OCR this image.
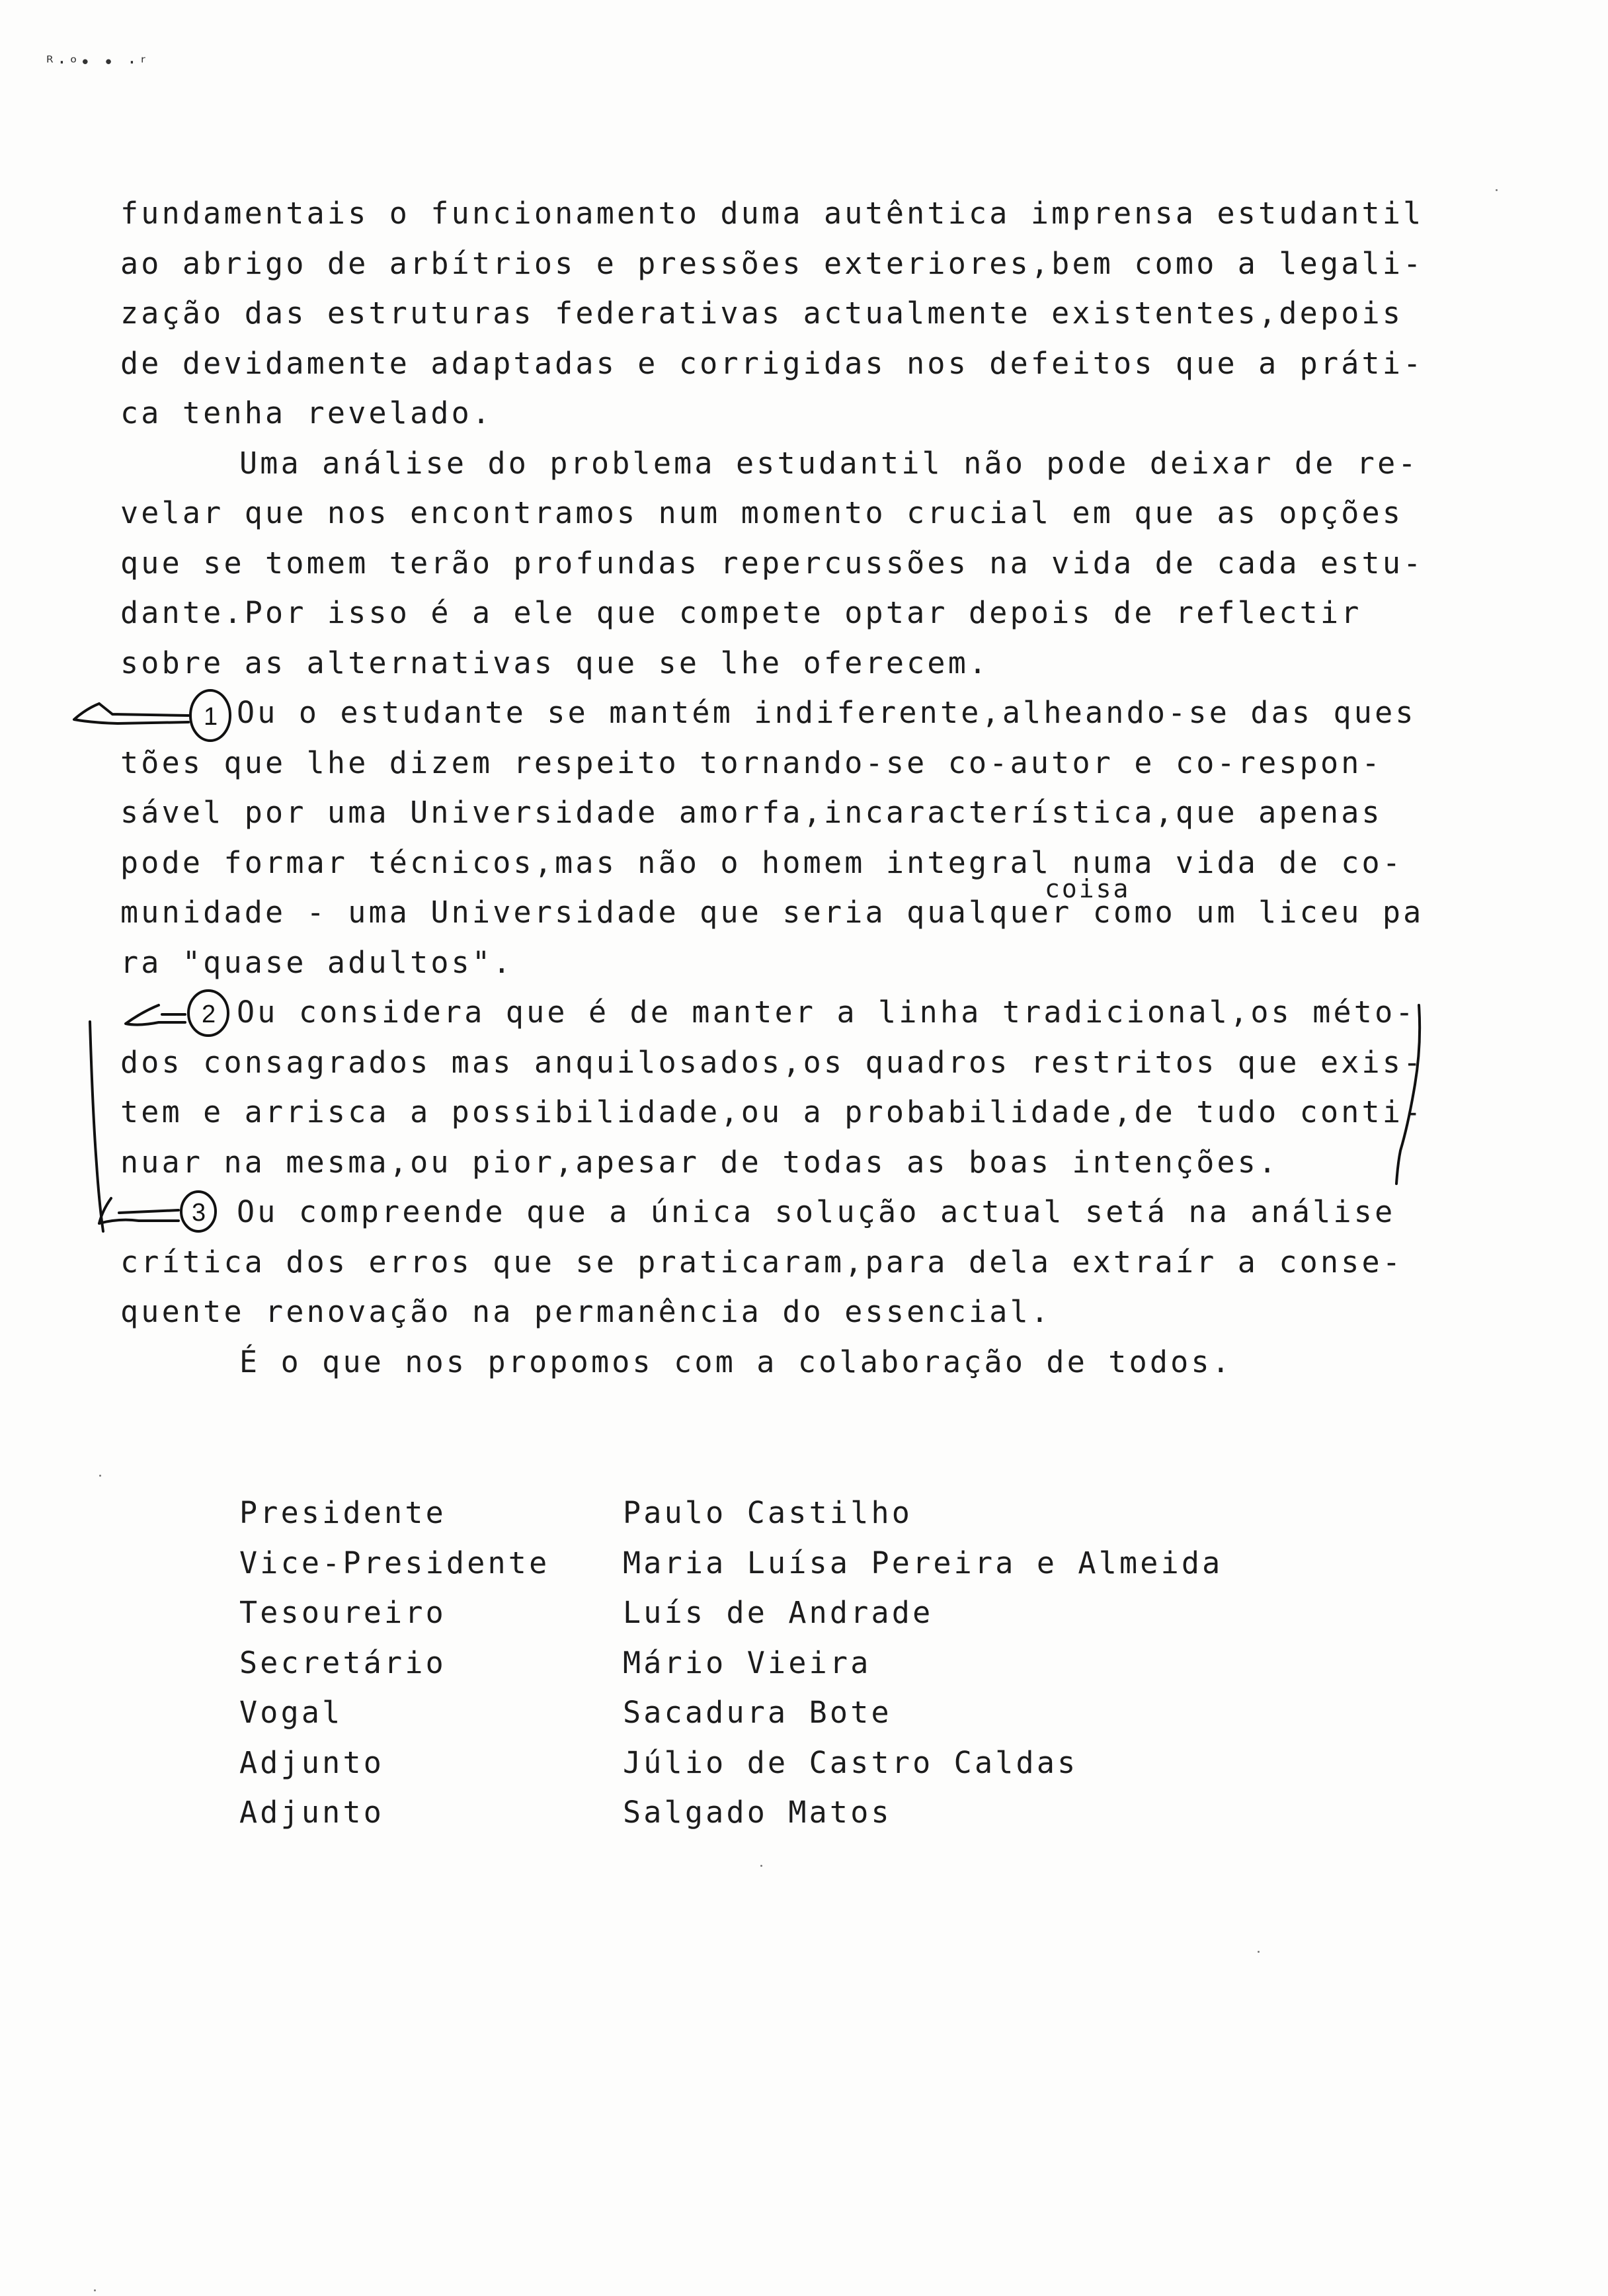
ᴿ·ᵒ• • ·ʳ
fundamentais o funcionamento duma autêntica imprensa estudantil
ao abrigo de arbítrios e pressões exteriores,bem como a legali-
zação das estruturas federativas actualmente existentes,depois
de devidamente adaptadas e corrigidas nos defeitos que a práti-
ca tenha revelado.
Uma análise do problema estudantil não pode deixar de re-
velar que nos encontramos num momento crucial em que as opções
que se tomem terão profundas repercussões na vida de cada estu-
dante.Por isso é a ele que compete optar depois de reflectir
sobre as alternativas que se lhe oferecem.
Ou o estudante se mantém indiferente,alheando-se das ques
tões que lhe dizem respeito tornando-se co-autor e co-respon-
sável por uma Universidade amorfa,incaracterística,que apenas
pode formar técnicos,mas não o homem integral numa vida de co-
munidade - uma Universidade que seria qualquer como um liceu pa
ra "quase adultos".
Ou considera que é de manter a linha tradicional,os méto-
dos consagrados mas anquilosados,os quadros restritos que exis-
tem e arrisca a possibilidade,ou a probabilidade,de tudo conti-
nuar na mesma,ou pior,apesar de todas as boas intenções.
Ou compreende que a única solução actual setá na análise
crítica dos erros que se praticaram,para dela extraír a conse-
quente renovação na permanência do essencial.
É o que nos propomos com a colaboração de todos.
Presidente	Paulo Castilho
Vice-Presidente	Maria Luísa Pereira e Almeida
Tesoureiro	Luís de Andrade
Secretário	Mário Vieira
Vogal	Sacadura Bote
Adjunto	Júlio de Castro Caldas
Adjunto	Salgado Matos
coisa
1
2
3
